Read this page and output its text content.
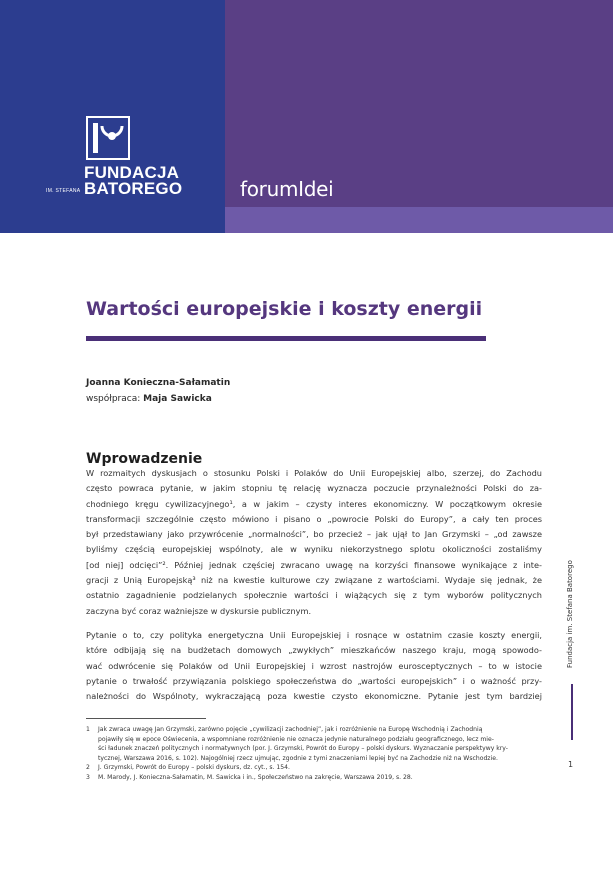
FUNDACJA
BATOREGO
IM. STEFANA	forumIdei
Wartości europejskie i koszty energii
Joanna Konieczna-Sałamatin
współpraca: Maja Sawicka
Wprowadzenie
W rozmaitych dyskusjach o stosunku Polski i Polaków do Unii Europejskiej albo, szerzej, do Zachodu
często powraca pytanie, w jakim stopniu tę relację wyznacza poczucie przynależności Polski do za-
chodniego kręgu cywilizacyjnego¹, a w jakim – czysty interes ekonomiczny. W początkowym okresie
transformacji szczególnie często mówiono i pisano o „powrocie Polski do Europy”, a cały ten proces
był przedstawiany jako przywrócenie „normalności”, bo przecież – jak ujął to Jan Grzymski – „od zawsze
byliśmy częścią europejskiej wspólnoty, ale w wyniku niekorzystnego splotu okoliczności zostaliśmy
[od niej] odcięci”². Później jednak częściej zwracano uwagę na korzyści finansowe wynikające z inte-
gracji z Unią Europejską³ niż na kwestie kulturowe czy związane z wartościami. Wydaje się jednak, że
ostatnio zagadnienie podzielanych społecznie wartości i wiążących się z tym wyborów politycznych
zaczyna być coraz ważniejsze w dyskursie publicznym.
Pytanie o to, czy polityka energetyczna Unii Europejskiej i rosnące w ostatnim czasie koszty energii,
które odbijają się na budżetach domowych „zwykłych” mieszkańców naszego kraju, mogą spowodo-
wać odwrócenie się Polaków od Unii Europejskiej i wzrost nastrojów eurosceptycznych – to w istocie
pytanie o trwałość przywiązania polskiego społeczeństwa do „wartości europejskich” i o ważność przy-
należności do Wspólnoty, wykraczającą poza kwestie czysto ekonomiczne. Pytanie jest tym bardziej
1 Jak zwraca uwagę Jan Grzymski, zarówno pojęcie „cywilizacji zachodniej”, jak i rozróżnienie na Europę Wschodnią i Zachodnią
pojawiły się w epoce Oświecenia, a wspomniane rozróżnienie nie oznacza jedynie naturalnego podziału geograficznego, lecz mie-
ści ładunek znaczeń politycznych i normatywnych (por. J. Grzymski, Powrót do Europy – polski dyskurs. Wyznaczanie perspektywy kry-
tycznej, Warszawa 2016, s. 102). Najogólniej rzecz ujmując, zgodnie z tymi znaczeniami lepiej być na Zachodzie niż na Wschodzie.
2 J. Grzymski, Powrót do Europy – polski dyskurs, dz. cyt., s. 154.
3 M. Marody, J. Konieczna-Sałamatin, M. Sawicka i in., Społeczeństwo na zakręcie, Warszawa 2019, s. 28.
Fundacja im. Stefana Batorego
1
